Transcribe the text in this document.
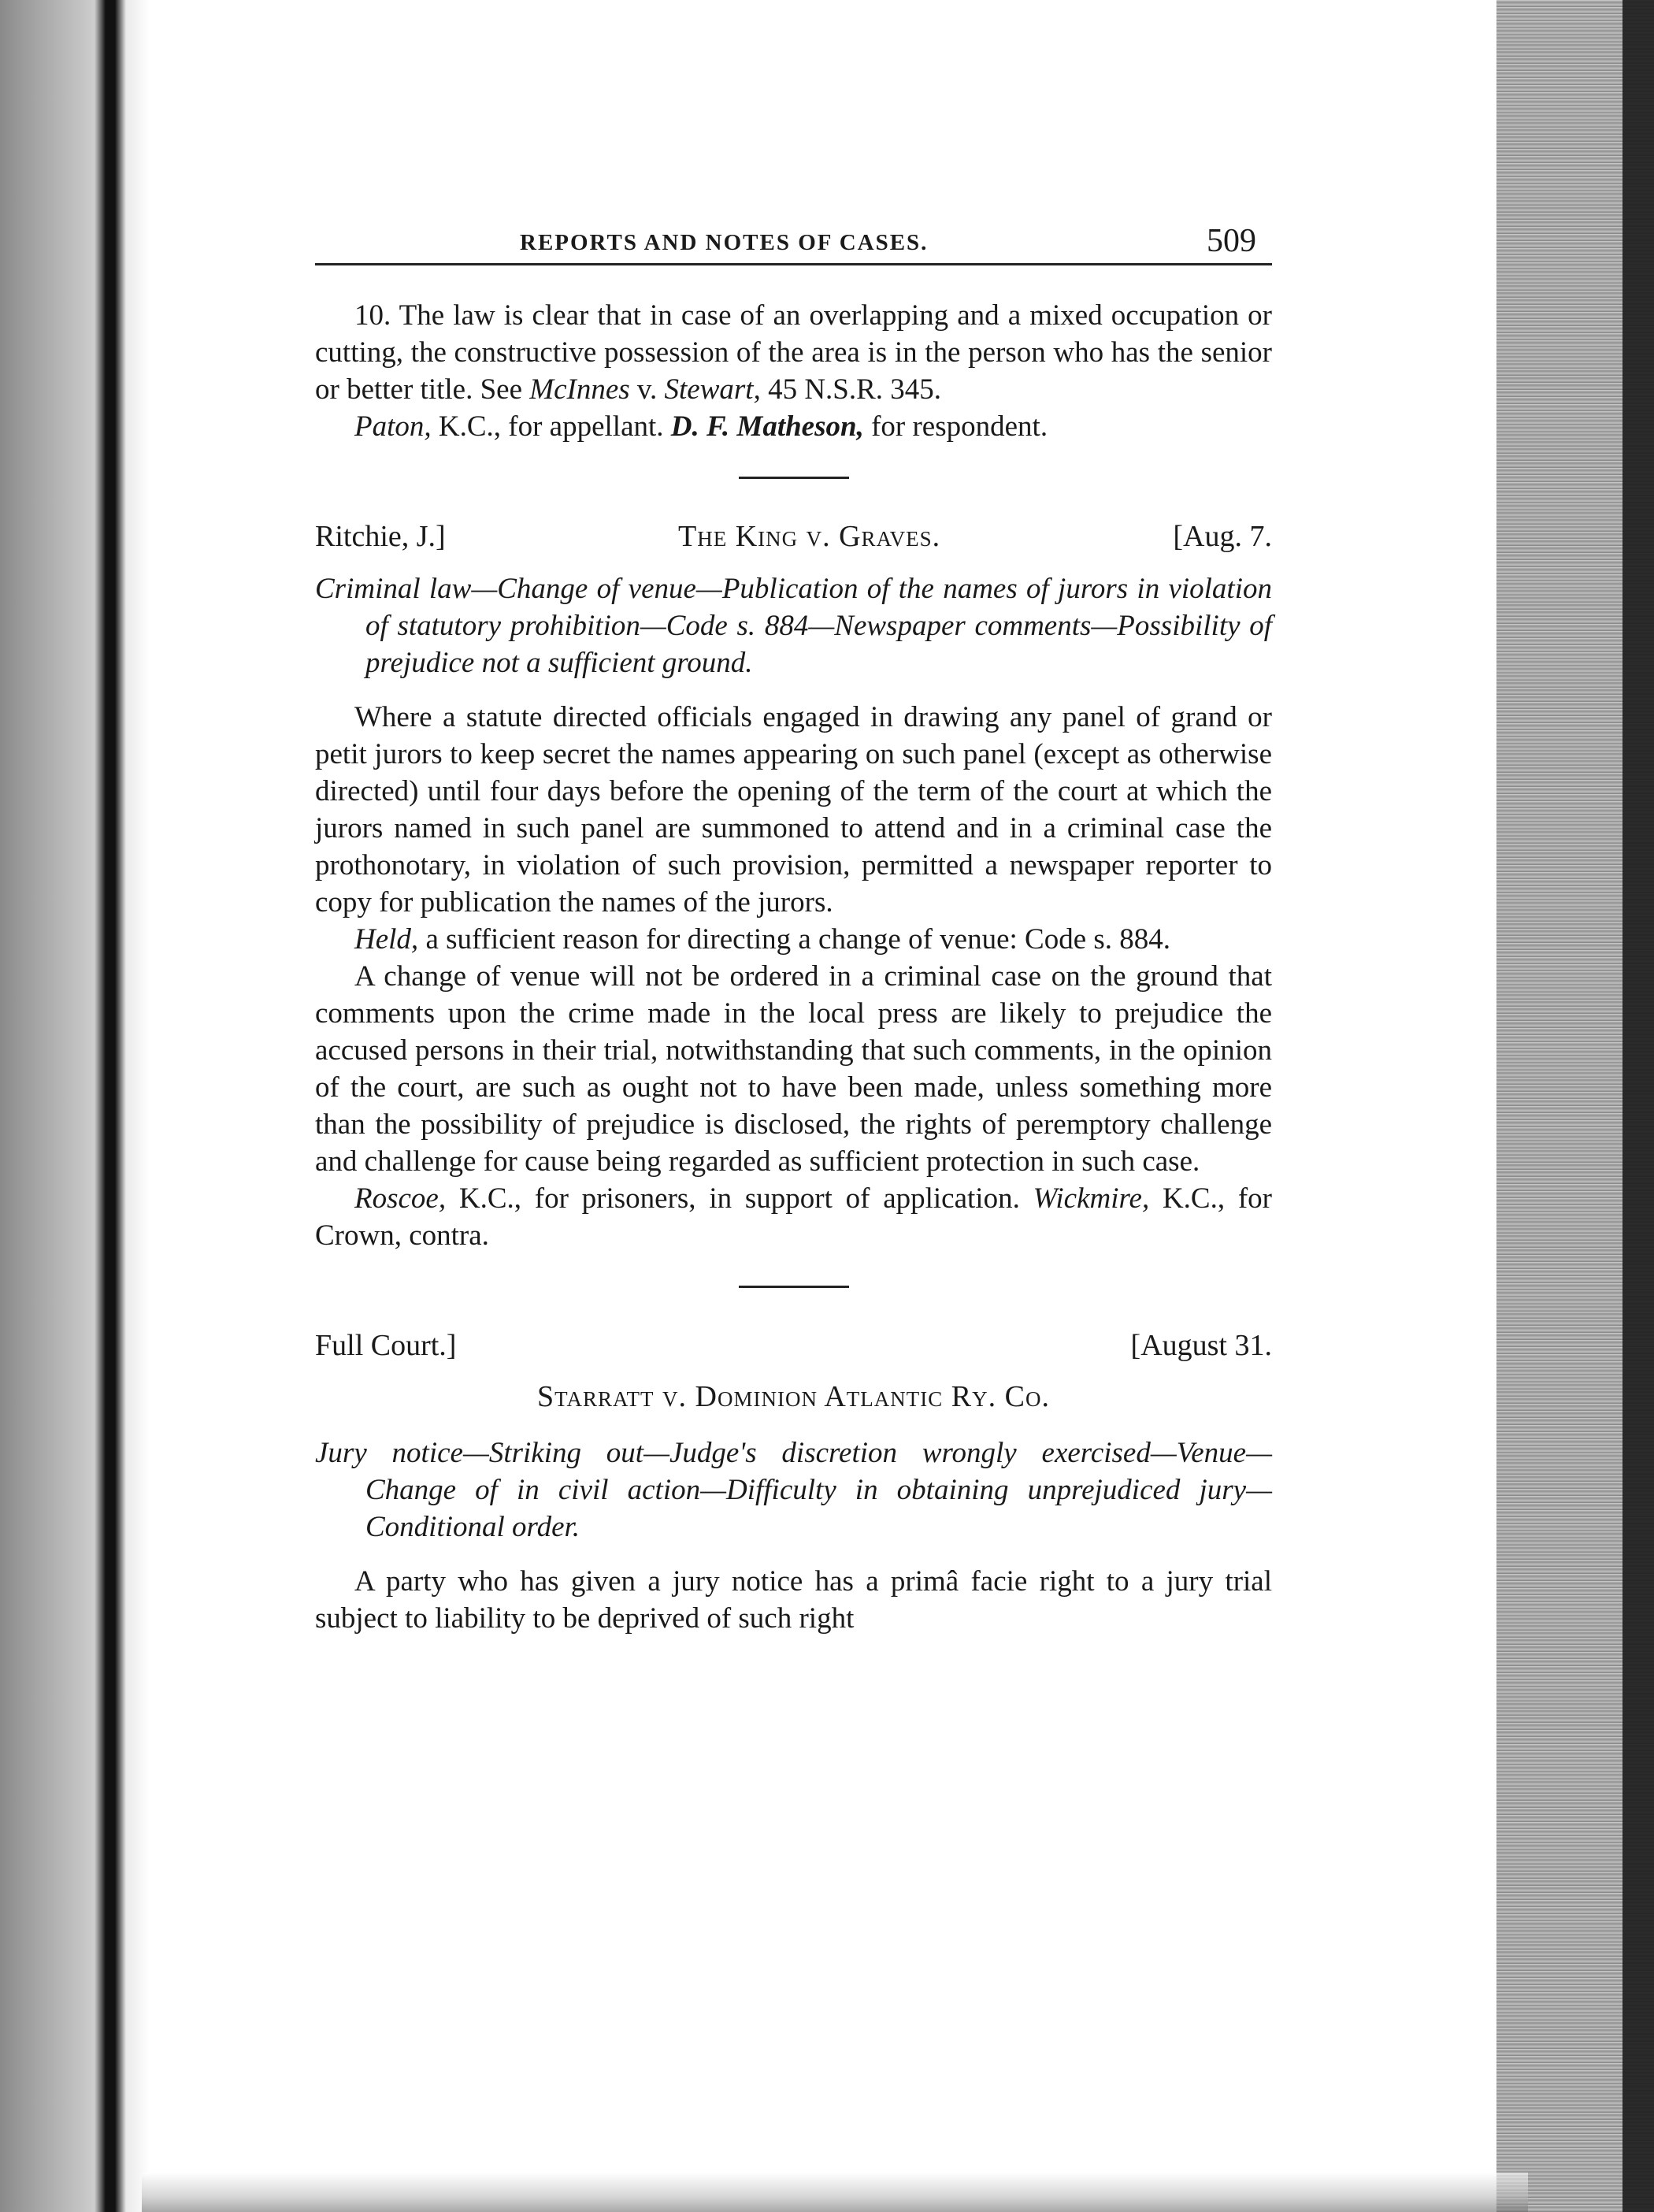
REPORTS AND NOTES OF CASES.	509

10. The law is clear that in case of an overlapping and a mixed occupation or cutting, the constructive possession of the area is in the person who has the senior or better title. See McInnes v. Stewart, 45 N.S.R. 345.

Paton, K.C., for appellant. D. F. Matheson, for respondent.

Ritchie, J.]	The King v. Graves.	[Aug. 7.
Criminal law—Change of venue—Publication of the names of jurors in violation of statutory prohibition—Code s. 884—Newspaper comments—Possibility of prejudice not a sufficient ground.

Where a statute directed officials engaged in drawing any panel of grand or petit jurors to keep secret the names appearing on such panel (except as otherwise directed) until four days before the opening of the term of the court at which the jurors named in such panel are summoned to attend and in a criminal case the prothonotary, in violation of such provision, permitted a newspaper reporter to copy for publication the names of the jurors.

Held, a sufficient reason for directing a change of venue: Code s. 884.

A change of venue will not be ordered in a criminal case on the ground that comments upon the crime made in the local press are likely to prejudice the accused persons in their trial, notwithstanding that such comments, in the opinion of the court, are such as ought not to have been made, unless something more than the possibility of prejudice is disclosed, the rights of peremptory challenge and challenge for cause being regarded as sufficient protection in such case.

Roscoe, K.C., for prisoners, in support of application. Wickmire, K.C., for Crown, contra.

Full Court.]	[August 31.
Starratt v. Dominion Atlantic Ry. Co.
Jury notice—Striking out—Judge's discretion wrongly exercised—Venue—Change of in civil action—Difficulty in obtaining unprejudiced jury—Conditional order.

A party who has given a jury notice has a primâ facie right to a jury trial subject to liability to be deprived of such right
